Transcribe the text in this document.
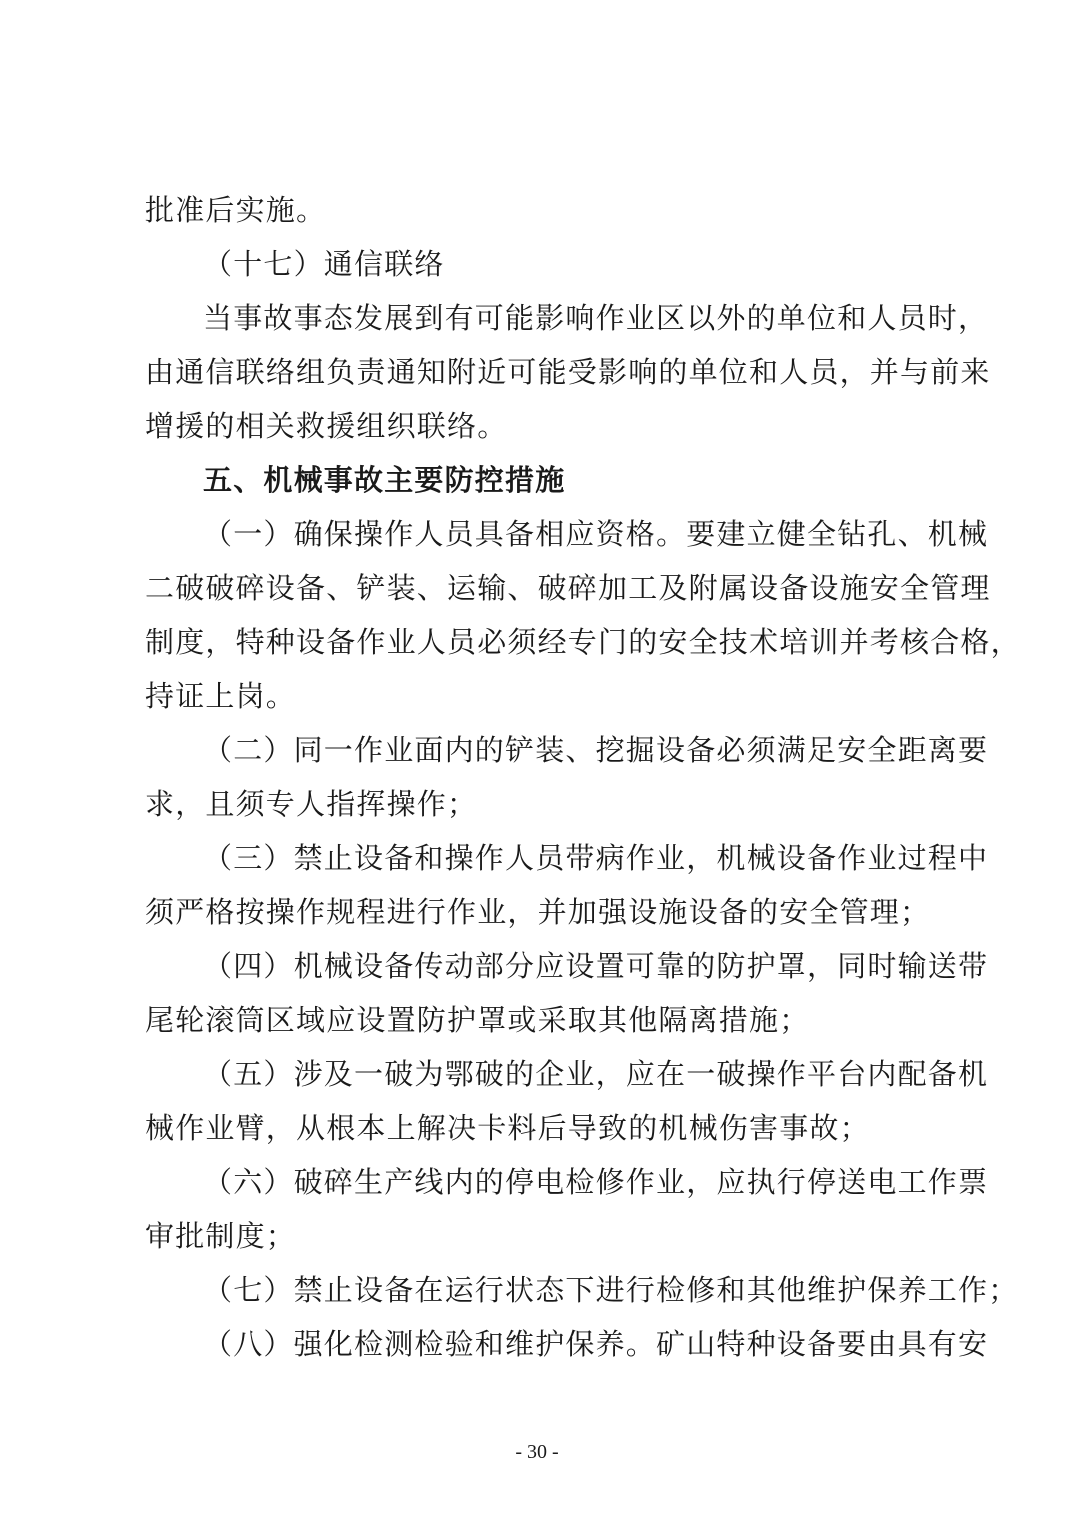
批准后实施。
（十七）通信联络
当事故事态发展到有可能影响作业区以外的单位和人员时，
由通信联络组负责通知附近可能受影响的单位和人员，并与前来
增援的相关救援组织联络。
五、机械事故主要防控措施
（一）确保操作人员具备相应资格。要建立健全钻孔、机械
二破破碎设备、铲装、运输、破碎加工及附属设备设施安全管理
制度，特种设备作业人员必须经专门的安全技术培训并考核合格，
持证上岗。
（二）同一作业面内的铲装、挖掘设备必须满足安全距离要
求，且须专人指挥操作；
（三）禁止设备和操作人员带病作业，机械设备作业过程中
须严格按操作规程进行作业，并加强设施设备的安全管理；
（四）机械设备传动部分应设置可靠的防护罩，同时输送带
尾轮滚筒区域应设置防护罩或采取其他隔离措施；
（五）涉及一破为鄂破的企业，应在一破操作平台内配备机
械作业臂，从根本上解决卡料后导致的机械伤害事故；
（六）破碎生产线内的停电检修作业，应执行停送电工作票
审批制度；
（七）禁止设备在运行状态下进行检修和其他维护保养工作；
（八）强化检测检验和维护保养。矿山特种设备要由具有安
- 30 -
